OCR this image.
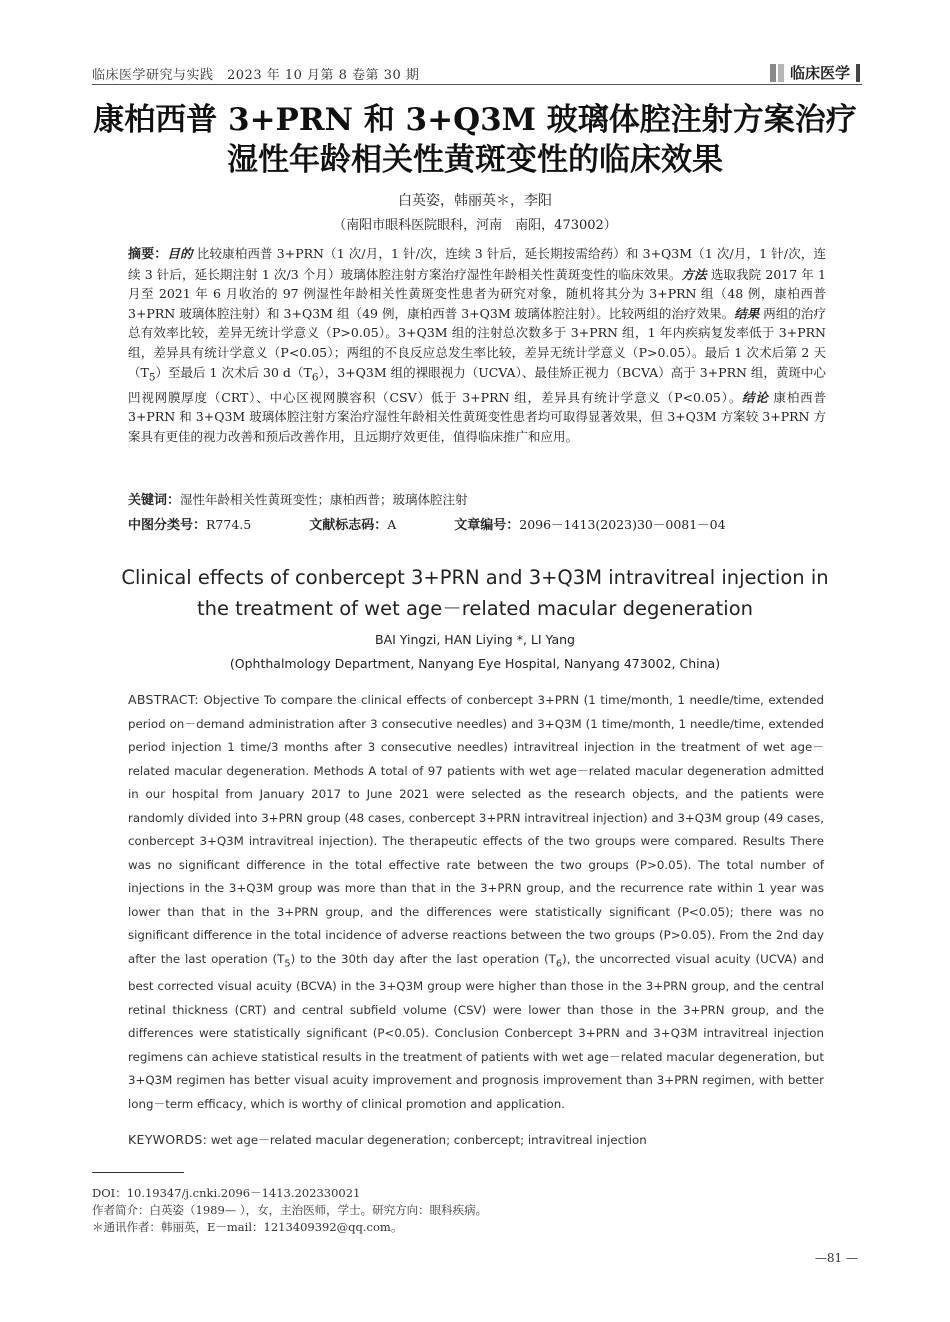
临床医学研究与实践　2023 年 10 月第 8 卷第 30 期	临床医学
康柏西普 3+PRN 和 3+Q3M 玻璃体腔注射方案治疗
湿性年龄相关性黄斑变性的临床效果
白英姿，韩丽英＊，李阳
（南阳市眼科医院眼科，河南　南阳，473002）
摘要：目的 比较康柏西普 3+PRN（1 次/月，1 针/次，连续 3 针后，延长期按需给药）和 3+Q3M（1 次/月，1 针/次，连续 3 针后，延长期注射 1 次/3 个月）玻璃体腔注射方案治疗湿性年龄相关性黄斑变性的临床效果。方法 选取我院 2017 年 1 月至 2021 年 6 月收治的 97 例湿性年龄相关性黄斑变性患者为研究对象，随机将其分为 3+PRN 组（48 例，康柏西普 3+PRN 玻璃体腔注射）和 3+Q3M 组（49 例，康柏西普 3+Q3M 玻璃体腔注射）。比较两组的治疗效果。结果 两组的治疗总有效率比较，差异无统计学意义（P>0.05）。3+Q3M 组的注射总次数多于 3+PRN 组，1 年内疾病复发率低于 3+PRN 组，差异具有统计学意义（P<0.05）；两组的不良反应总发生率比较，差异无统计学意义（P>0.05）。最后 1 次术后第 2 天$(T_5)$至最后 1 次术后 30 $d(T_6)$，3+Q3M 组的裸眼视力（UCVA）、最佳矫正视力（BCVA）高于 3+PRN 组，黄斑中心凹视网膜厚度（CRT）、中心区视网膜容积（CSV）低于 3+PRN 组，差异具有统计学意义（P<0.05）。结论 康柏西普 3+PRN 和 3+Q3M 玻璃体腔注射方案治疗湿性年龄相关性黄斑变性患者均可取得显著效果，但 3+Q3M 方案较 3+PRN 方案具有更佳的视力改善和预后改善作用，且远期疗效更佳，值得临床推广和应用。
关键词：湿性年龄相关性黄斑变性；康柏西普；玻璃体腔注射
中图分类号：R774.5	文献标志码：A	文章编号：2096－1413(2023)30－0081－04
Clinical effects of conbercept 3+PRN and 3+Q3M intravitreal injection in
the treatment of wet age－related macular degeneration
BAI Yingzi, HAN Liying *, LI Yang
(Ophthalmology Department, Nanyang Eye Hospital, Nanyang 473002, China)
ABSTRACT: Objective To compare the clinical effects of conbercept 3+PRN (1 time/month, 1 needle/time, extended period on－demand administration after 3 consecutive needles) and 3+Q3M (1 time/month, 1 needle/time, extended period injection 1 time/3 months after 3 consecutive needles) intravitreal injection in the treatment of wet age－related macular degeneration. Methods A total of 97 patients with wet age－related macular degeneration admitted in our hospital from January 2017 to June 2021 were selected as the research objects, and the patients were randomly divided into 3+PRN group (48 cases, conbercept 3+PRN intravitreal injection) and 3+Q3M group (49 cases, conbercept 3+Q3M intravitreal injection). The therapeutic effects of the two groups were compared. Results There was no significant difference in the total effective rate between the two groups (P>0.05). The total number of injections in the 3+Q3M group was more than that in the 3+PRN group, and the recurrence rate within 1 year was lower than that in the 3+PRN group, and the differences were statistically significant (P<0.05); there was no significant difference in the total incidence of adverse reactions between the two groups (P>0.05). From the 2nd day after the last operation $(T_5)$ to the 30th day after the last operation $(T_6)$, the uncorrected visual acuity (UCVA) and best corrected visual acuity (BCVA) in the 3+Q3M group were higher than those in the 3+PRN group, and the central retinal thickness (CRT) and central subfield volume (CSV) were lower than those in the 3+PRN group, and the differences were statistically significant (P<0.05). Conclusion Conbercept 3+PRN and 3+Q3M intravitreal injection regimens can achieve statistical results in the treatment of patients with wet age－related macular degeneration, but 3+Q3M regimen has better visual acuity improvement and prognosis improvement than 3+PRN regimen, with better long－term efficacy, which is worthy of clinical promotion and application.
KEYWORDS: wet age－related macular degeneration; conbercept; intravitreal injection
DOI：10.19347/j.cnki.2096－1413.202330021
作者简介：白英姿（1989— ），女，主治医师，学士。研究方向：眼科疾病。
＊通讯作者：韩丽英，E－mail：1213409392@qq.com。
—81 —
